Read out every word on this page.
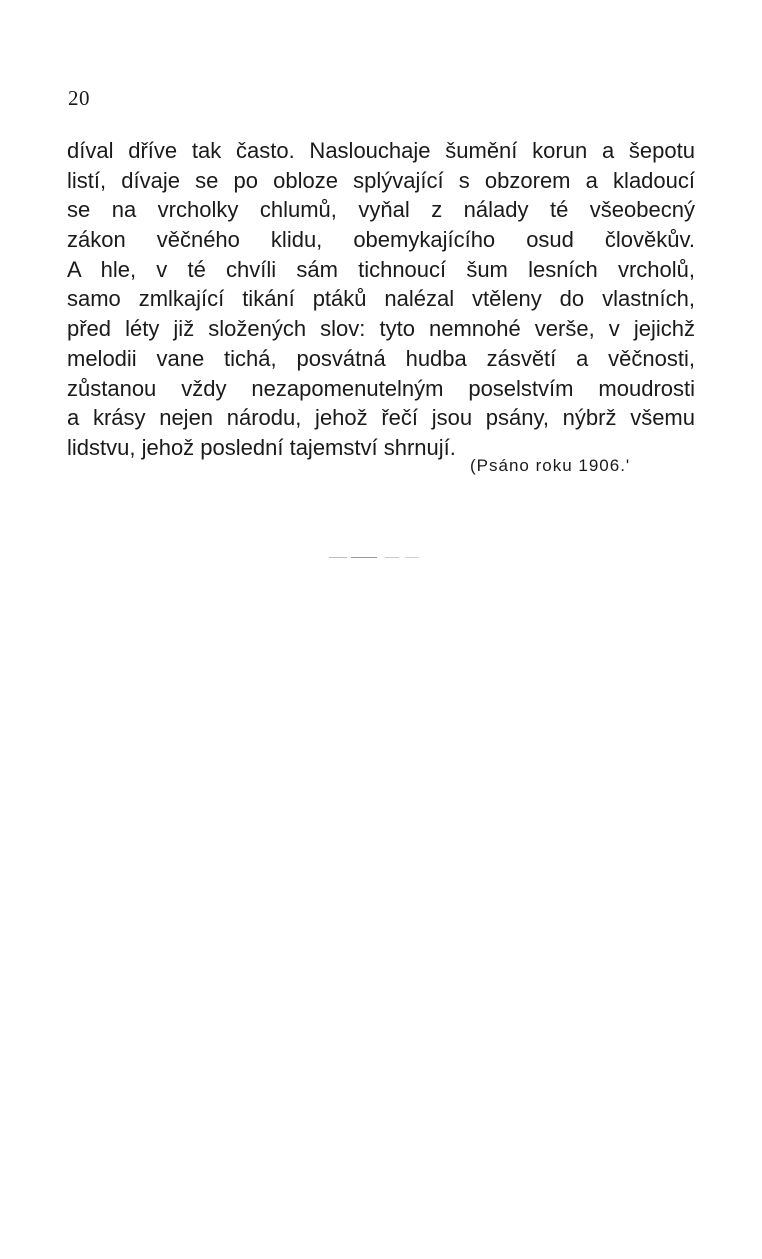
20
díval dříve tak často. Naslouchaje šumění korun a šepotu
listí, dívaje se po obloze splývající s obzorem a kladoucí
se na vrcholky chlumů, vyňal z nálady té všeobecný
zákon věčného klidu, obemykajícího osud člověkův.
A hle, v té chvíli sám tichnoucí šum lesních vrcholů,
samo zmlkající tikání ptáků nalézal vtěleny do vlastních,
před léty již složených slov: tyto nemnohé verše, v jejichž
melodii vane tichá, posvátná hudba zásvětí a věčnosti,
zůstanou vždy nezapomenutelným poselstvím moudrosti
a krásy nejen národu, jehož řečí jsou psány, nýbrž všemu
lidstvu, jehož poslední tajemství shrnují.
(Psáno roku 1906.'
